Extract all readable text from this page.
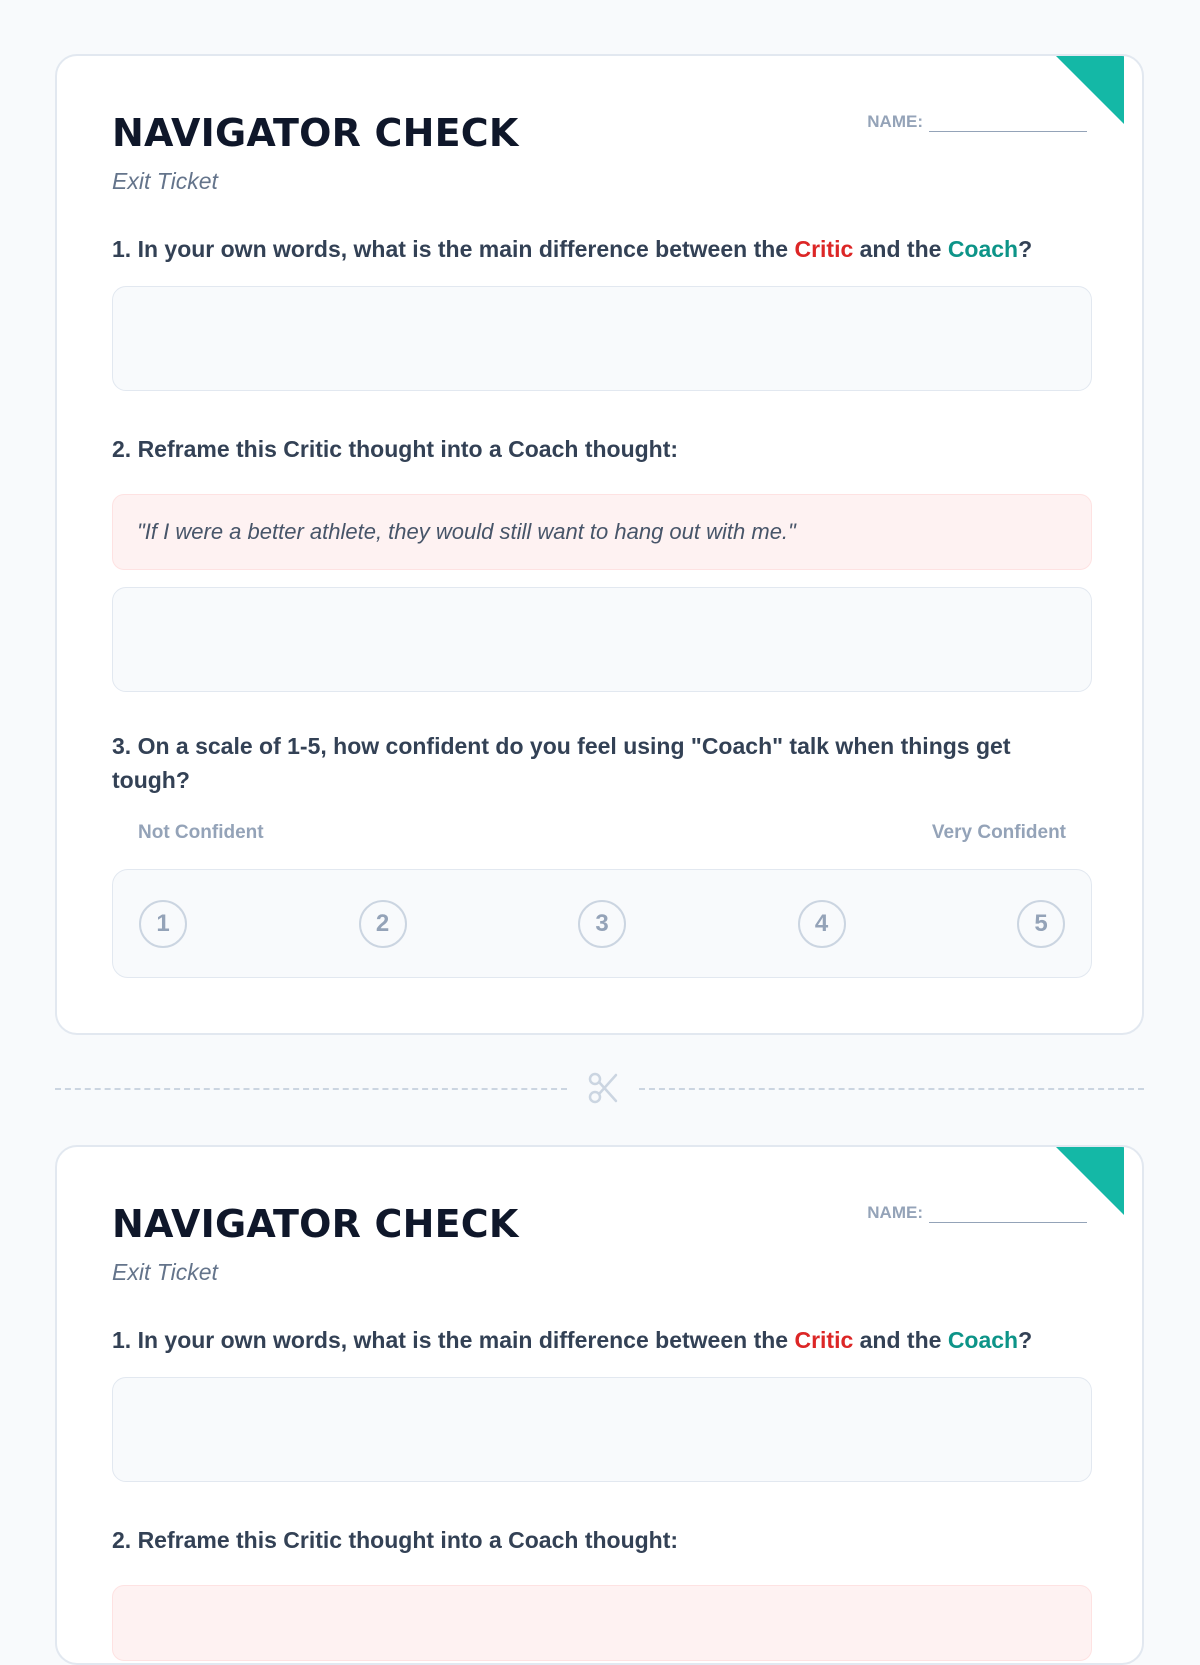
NAVIGATOR CHECK
Exit Ticket
NAME:
1. In your own words, what is the main difference between the Critic and the Coach?
2. Reframe this Critic thought into a Coach thought:
"If I were a better athlete, they would still want to hang out with me."
3. On a scale of 1-5, how confident do you feel using "Coach" talk when things get tough?
Not Confident	Very Confident
1	2	3	4	5
NAVIGATOR CHECK
Exit Ticket
NAME:
1. In your own words, what is the main difference between the Critic and the Coach?
2. Reframe this Critic thought into a Coach thought:
